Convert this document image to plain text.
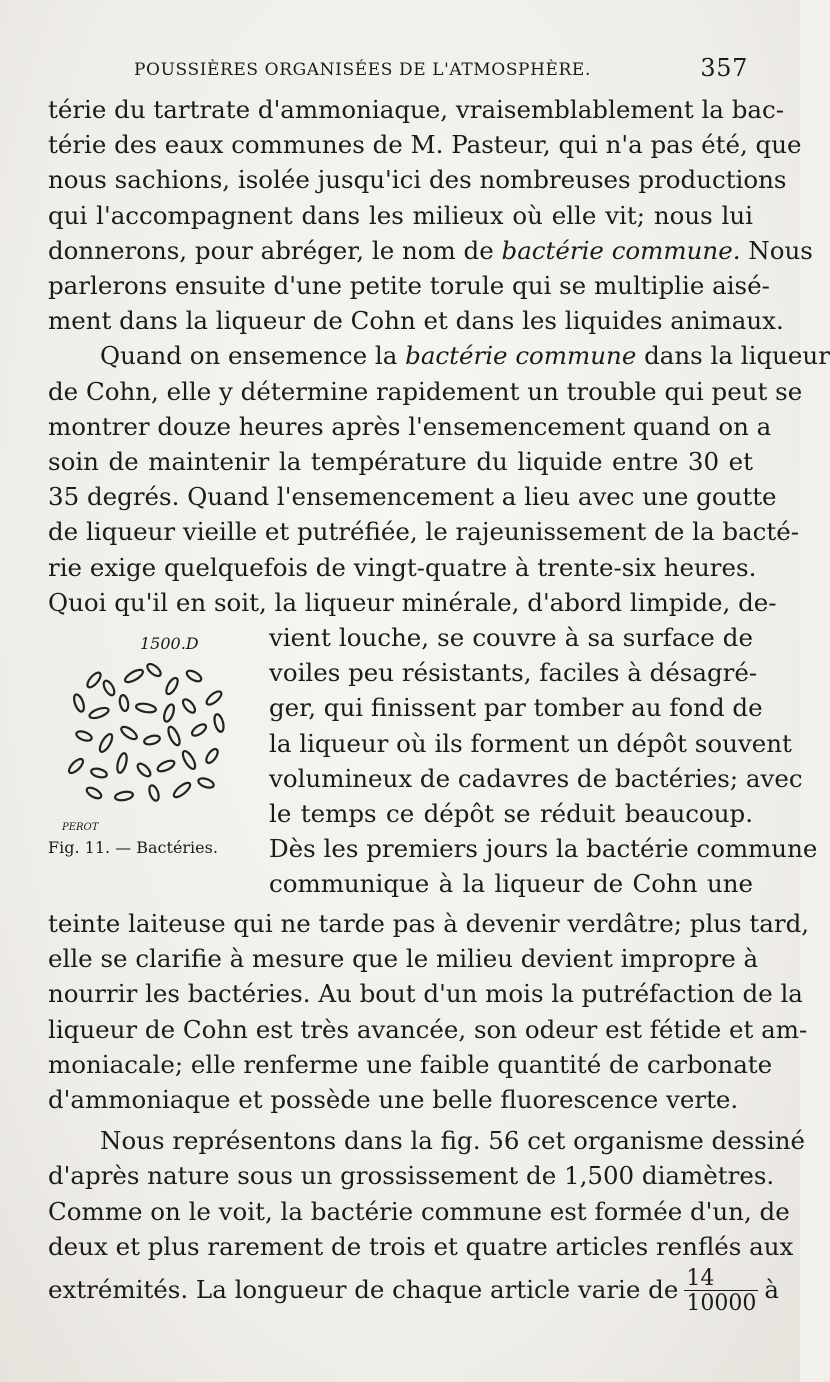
POUSSIÈRES ORGANISÉES DE L'ATMOSPHÈRE.	357
térie du tartrate d'ammoniaque, vraisemblablement la bac-
térie des eaux communes de M. Pasteur, qui n'a pas été, que
nous sachions, isolée jusqu'ici des nombreuses productions
qui l'accompagnent dans les milieux où elle vit; nous lui
donnerons, pour abréger, le nom de bactérie commune. Nous
parlerons ensuite d'une petite torule qui se multiplie aisé-
ment dans la liqueur de Cohn et dans les liquides animaux.
Quand on ensemence la bactérie commune dans la liqueur
de Cohn, elle y détermine rapidement un trouble qui peut se
montrer douze heures après l'ensemencement quand on a
soin de maintenir la température du liquide entre 30 et
35 degrés. Quand l'ensemencement a lieu avec une goutte
de liqueur vieille et putréfiée, le rajeunissement de la bacté-
rie exige quelquefois de vingt-quatre à trente-six heures.
Quoi qu'il en soit, la liqueur minérale, d'abord limpide, de-
1500.D
PEROT
Fig. 11. — Bactéries.
vient louche, se couvre à sa surface de
voiles peu résistants, faciles à désagré-
ger, qui finissent par tomber au fond de
la liqueur où ils forment un dépôt souvent
volumineux de cadavres de bactéries; avec
le temps ce dépôt se réduit beaucoup.
Dès les premiers jours la bactérie commune
communique à la liqueur de Cohn une
teinte laiteuse qui ne tarde pas à devenir verdâtre; plus tard,
elle se clarifie à mesure que le milieu devient impropre à
nourrir les bactéries. Au bout d'un mois la putréfaction de la
liqueur de Cohn est très avancée, son odeur est fétide et am-
moniacale; elle renferme une faible quantité de carbonate
d'ammoniaque et possède une belle fluorescence verte.
Nous représentons dans la fig. 56 cet organisme dessiné
d'après nature sous un grossissement de 1,500 diamètres.
Comme on le voit, la bactérie commune est formée d'un, de
deux et plus rarement de trois et quatre articles renflés aux
extrémités. La longueur de chaque article varie de $\frac{14}{10000}$ à
